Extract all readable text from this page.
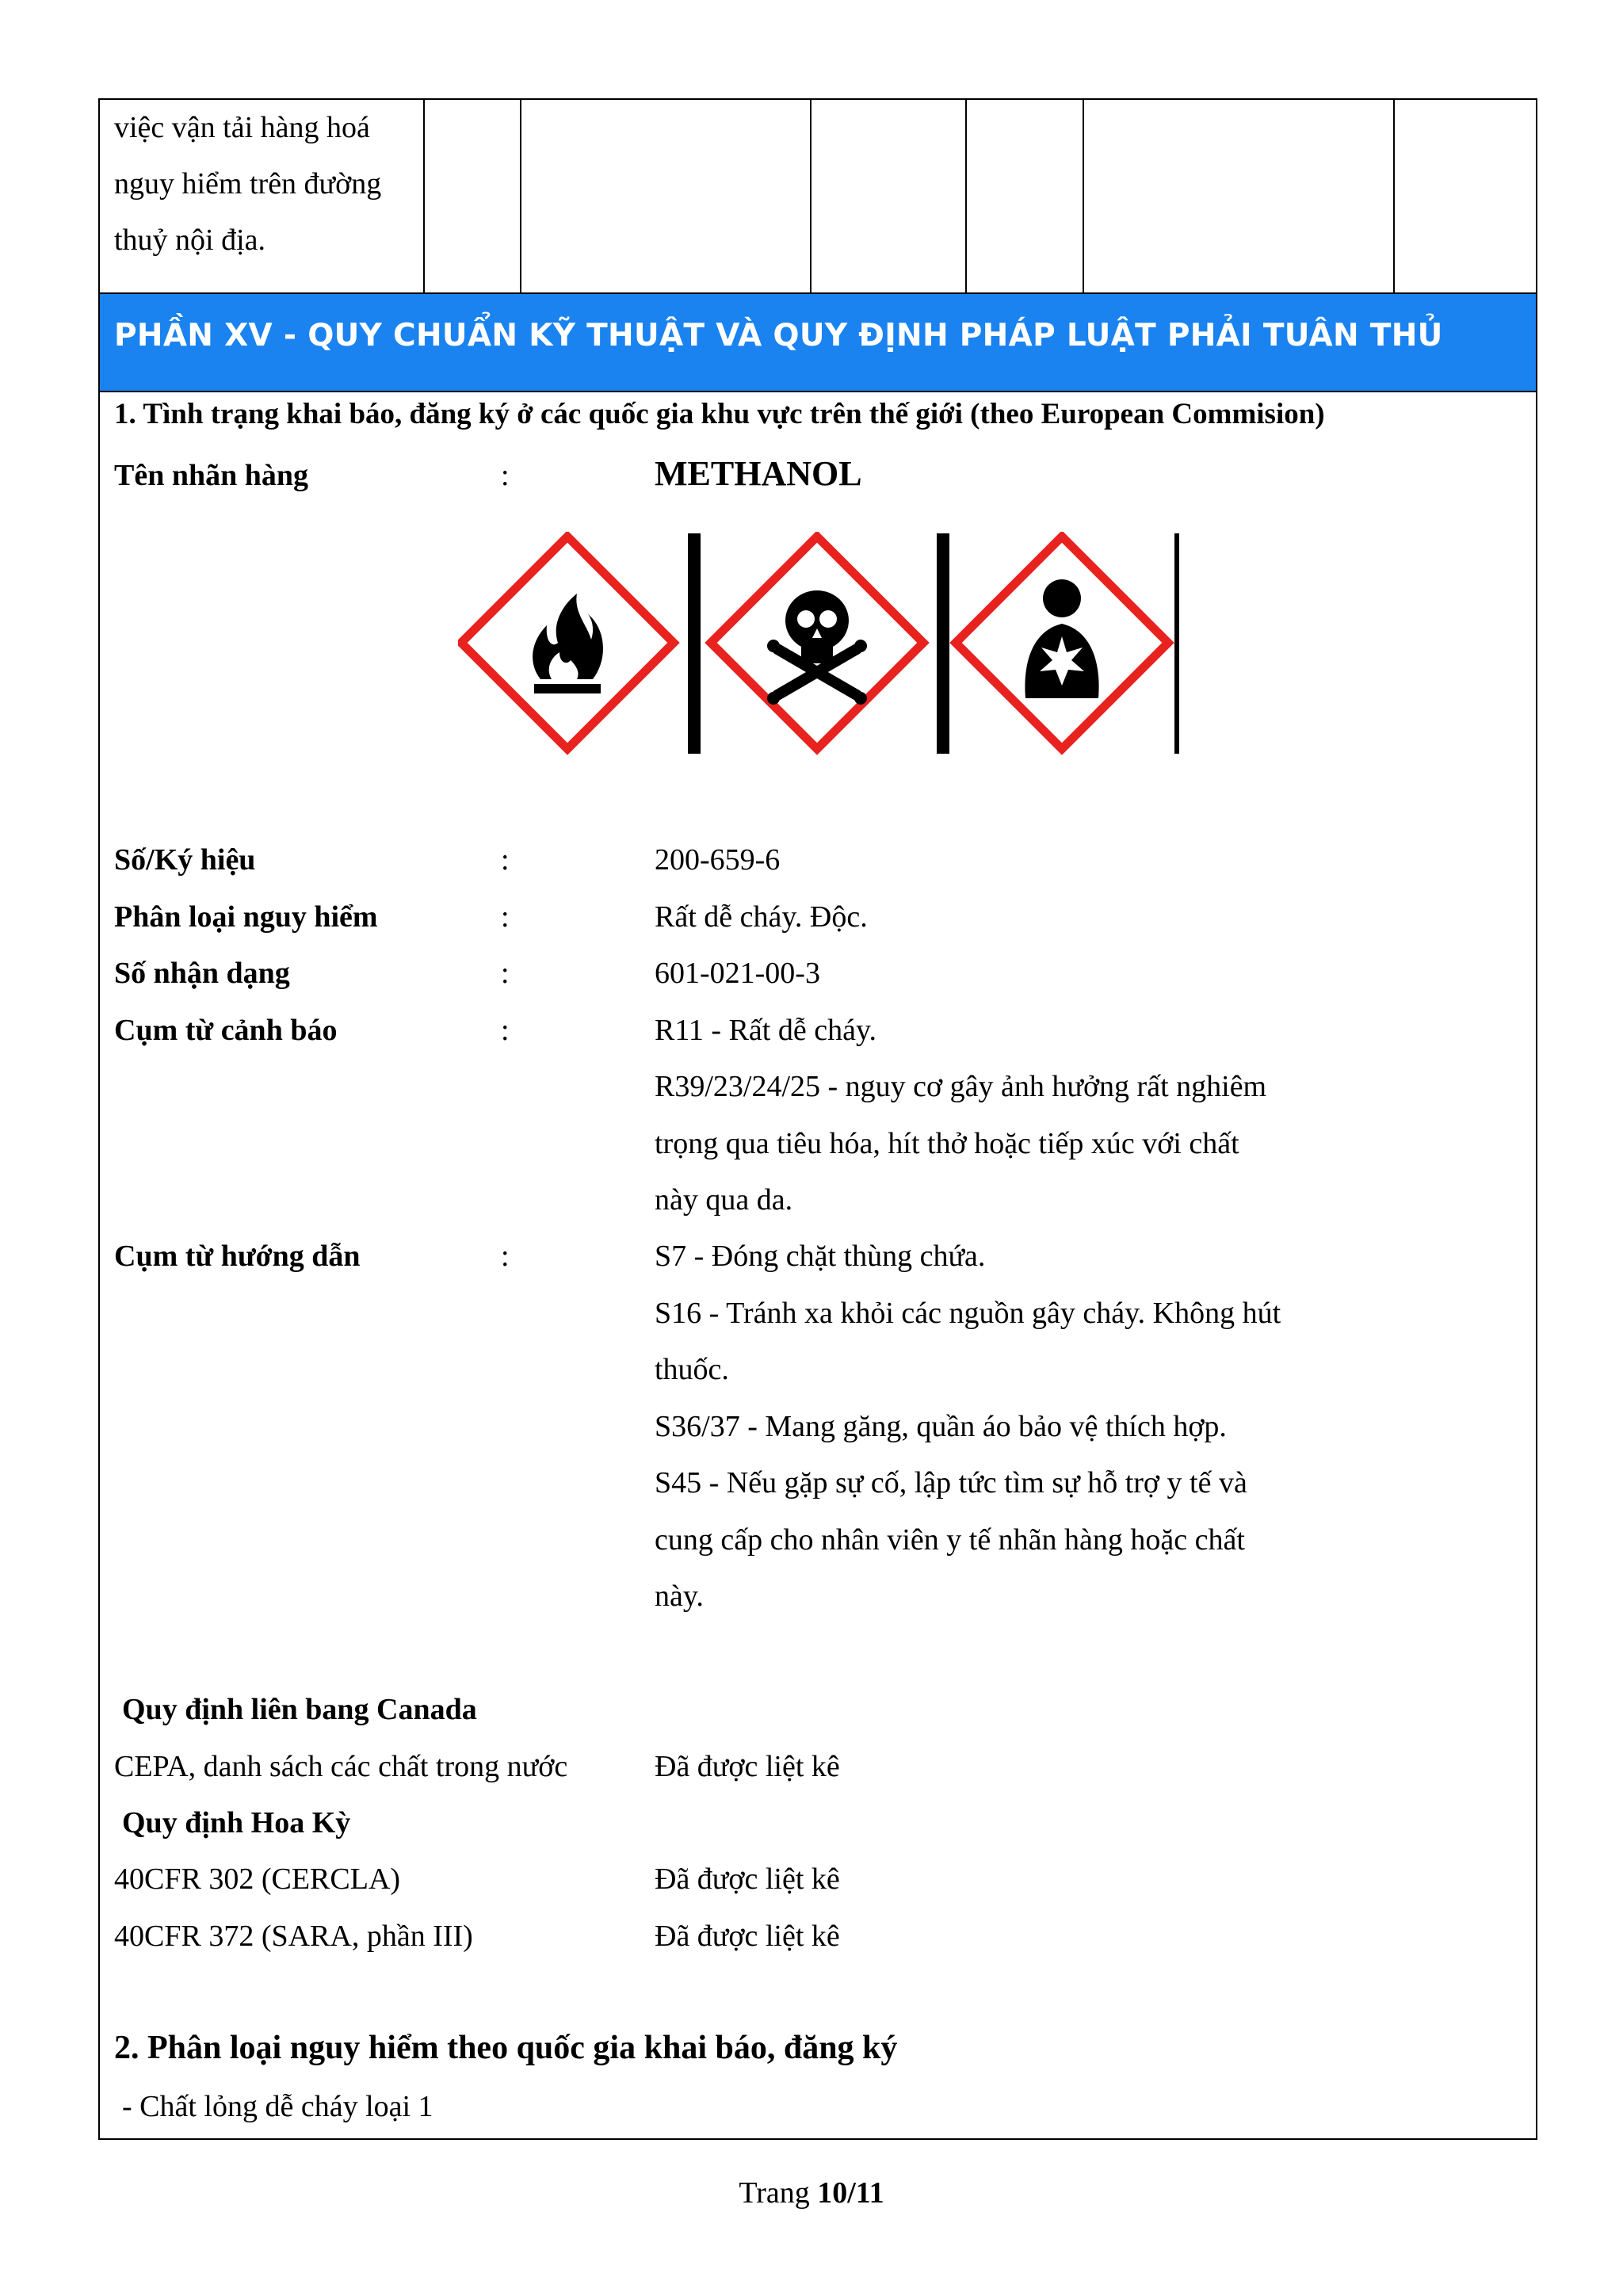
việc vận tải hàng hoá
nguy hiểm trên đường
thuỷ nội địa.
PHẦN XV - QUY CHUẨN KỸ THUẬT VÀ QUY ĐỊNH PHÁP LUẬT PHẢI TUÂN THỦ
1. Tình trạng khai báo, đăng ký ở các quốc gia khu vực trên thế giới (theo European Commision)
Tên nhãn hàng	:	METHANOL
Số/Ký hiệu	:	200-659-6
Phân loại nguy hiểm	:	Rất dễ cháy. Độc.
Số nhận dạng	:	601-021-00-3
Cụm từ cảnh báo	:	R11 - Rất dễ cháy.
R39/23/24/25 - nguy cơ gây ảnh hưởng rất nghiêm
trọng qua tiêu hóa, hít thở hoặc tiếp xúc với chất
này qua da.
Cụm từ hướng dẫn	:	S7 - Đóng chặt thùng chứa.
S16 - Tránh xa khỏi các nguồn gây cháy. Không hút
thuốc.
S36/37 - Mang găng, quần áo bảo vệ thích hợp.
S45 - Nếu gặp sự cố, lập tức tìm sự hỗ trợ y tế và
cung cấp cho nhân viên y tế nhãn hàng hoặc chất
này.
Quy định liên bang Canada
CEPA, danh sách các chất trong nước	Đã được liệt kê
Quy định Hoa Kỳ
40CFR 302 (CERCLA)	Đã được liệt kê
40CFR 372 (SARA, phần III)	Đã được liệt kê
2. Phân loại nguy hiểm theo quốc gia khai báo, đăng ký
- Chất lỏng dễ cháy loại 1
Trang 10/11
